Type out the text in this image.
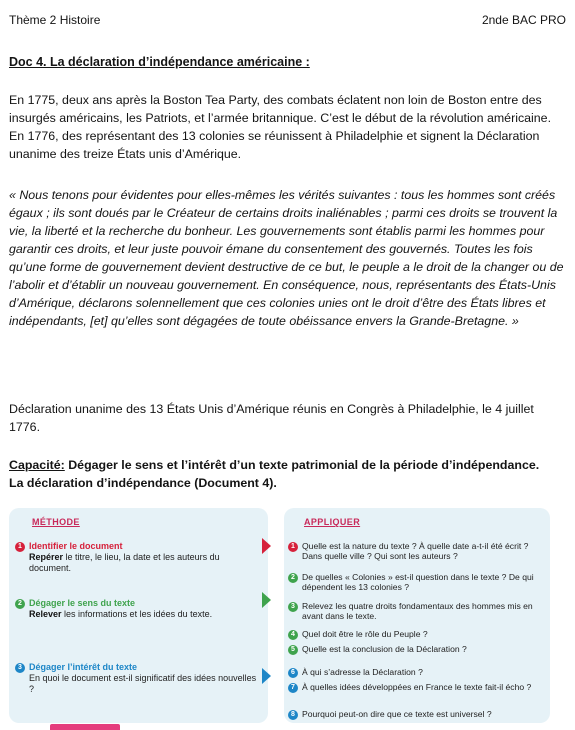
Thème 2 Histoire	2nde BAC PRO
Doc 4. La déclaration d’indépendance américaine :

En 1775, deux ans après la Boston Tea Party, des combats éclatent non loin de Boston entre des insurgés américains, les Patriots, et l’armée britannique. C’est le début de la révolution américaine. En 1776, des représentant des 13 colonies se réunissent à Philadelphie et signent la Déclaration unanime des treize États unis d’Amérique.

« Nous tenons pour évidentes pour elles-mêmes les vérités suivantes : tous les hommes sont créés égaux ; ils sont doués par le Créateur de certains droits inaliénables ; parmi ces droits se trouvent la vie, la liberté et la recherche du bonheur. Les gouvernements sont établis parmi les hommes pour garantir ces droits, et leur juste pouvoir émane du consentement des gouvernés. Toutes les fois qu’une forme de gouvernement devient destructive de ce but, le peuple a le droit de la changer ou de l’abolir et d’établir un nouveau gouvernement. En conséquence, nous, représentants des États-Unis d’Amérique, déclarons solennellement que ces colonies unies ont le droit d’être des États libres et indépendants, [et] qu’elles sont dégagées de toute obéissance envers la Grande-Bretagne. »

Déclaration unanime des 13 États Unis d’Amérique réunis en Congrès à Philadelphie, le 4 juillet 1776.

Capacité: Dégager le sens et l’intérêt d’un texte patrimonial de la période d’indépendance. La déclaration d’indépendance (Document 4).

MÉTHODE
1 Identifier le document
Repérer le titre, le lieu, la date et les auteurs du document.
2 Dégager le sens du texte
Relever les informations et les idées du texte.
3 Dégager l’intérêt du texte
En quoi le document est-il significatif des idées nouvelles ?
APPLIQUER
1 Quelle est la nature du texte ? À quelle date a-t-il été écrit ? Dans quelle ville ? Qui sont les auteurs ?
2 De quelles « Colonies » est-il question dans le texte ? De qui dépendent les 13 colonies ?
3 Relevez les quatre droits fondamentaux des hommes mis en avant dans le texte.
4 Quel doit être le rôle du Peuple ?
5 Quelle est la conclusion de la Déclaration ?
6 À qui s’adresse la Déclaration ?
7 À quelles idées développées en France le texte fait-il écho ?
8 Pourquoi peut-on dire que ce texte est universel ?
